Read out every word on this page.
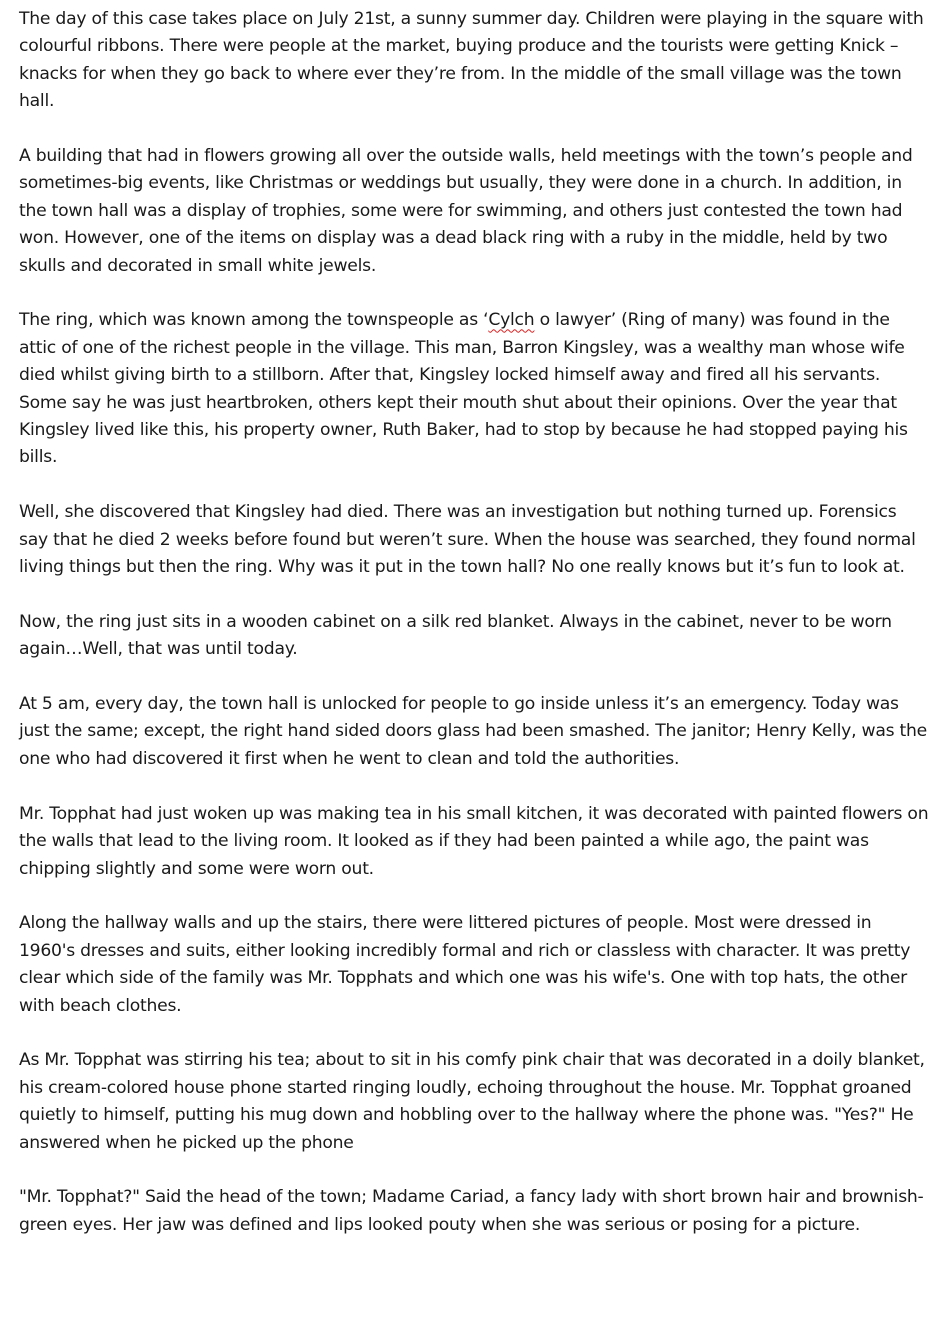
The day of this case takes place on July 21st, a sunny summer day. Children were playing in the square with colourful ribbons. There were people at the market, buying produce and the tourists were getting Knick – knacks for when they go back to where ever they’re from. In the middle of the small village was the town hall.

A building that had in flowers growing all over the outside walls, held meetings with the town’s people and sometimes-big events, like Christmas or weddings but usually, they were done in a church. In addition, in the town hall was a display of trophies, some were for swimming, and others just contested the town had won. However, one of the items on display was a dead black ring with a ruby in the middle, held by two skulls and decorated in small white jewels.

The ring, which was known among the townspeople as ‘Cylch o lawyer’ (Ring of many) was found in the attic of one of the richest people in the village. This man, Barron Kingsley, was a wealthy man whose wife died whilst giving birth to a stillborn. After that, Kingsley locked himself away and fired all his servants. Some say he was just heartbroken, others kept their mouth shut about their opinions. Over the year that Kingsley lived like this, his property owner, Ruth Baker, had to stop by because he had stopped paying his bills.

Well, she discovered that Kingsley had died. There was an investigation but nothing turned up. Forensics say that he died 2 weeks before found but weren’t sure. When the house was searched, they found normal living things but then the ring. Why was it put in the town hall? No one really knows but it’s fun to look at.

Now, the ring just sits in a wooden cabinet on a silk red blanket. Always in the cabinet, never to be worn again…Well, that was until today.

At 5 am, every day, the town hall is unlocked for people to go inside unless it’s an emergency. Today was just the same; except, the right hand sided doors glass had been smashed. The janitor; Henry Kelly, was the one who had discovered it first when he went to clean and told the authorities.

Mr. Topphat had just woken up was making tea in his small kitchen, it was decorated with painted flowers on the walls that lead to the living room. It looked as if they had been painted a while ago, the paint was chipping slightly and some were worn out.

Along the hallway walls and up the stairs, there were littered pictures of people. Most were dressed in 1960's dresses and suits, either looking incredibly formal and rich or classless with character. It was pretty clear which side of the family was Mr. Topphats and which one was his wife's. One with top hats, the other with beach clothes.

As Mr. Topphat was stirring his tea; about to sit in his comfy pink chair that was decorated in a doily blanket, his cream-colored house phone started ringing loudly, echoing throughout the house. Mr. Topphat groaned quietly to himself, putting his mug down and hobbling over to the hallway where the phone was. "Yes?" He answered when he picked up the phone

"Mr. Topphat?" Said the head of the town; Madame Cariad, a fancy lady with short brown hair and brownish-green eyes. Her jaw was defined and lips looked pouty when she was serious or posing for a picture.
